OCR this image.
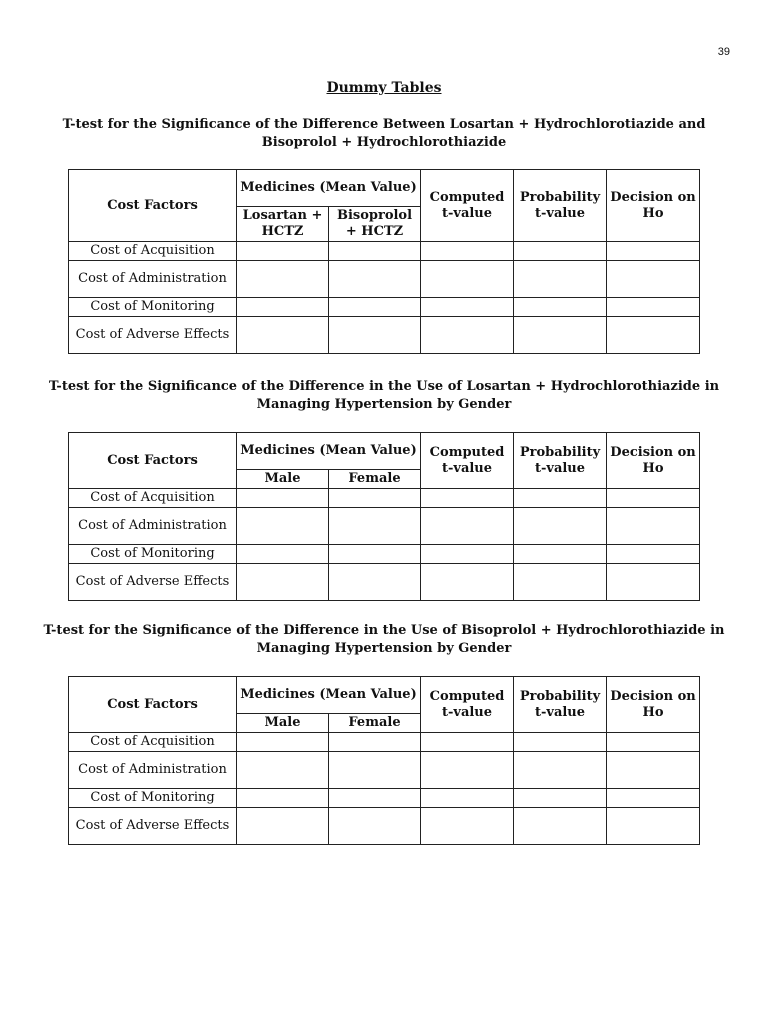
39
Dummy Tables
T-test for the Significance of the Difference Between Losartan + Hydrochlorotiazide and Bisoprolol + Hydrochlorothiazide
Cost Factors	Medicines (Mean Value)		Computed t-value	Probability t-value	Decision on Ho
	Losartan + HCTZ	Bisoprolol + HCTZ			
Cost of Acquisition					
Cost of Administration					
Cost of Monitoring					
Cost of Adverse Effects					
T-test for the Significance of the Difference in the Use of Losartan + Hydrochlorothiazide in Managing Hypertension by Gender
Cost Factors	Medicines (Mean Value)		Computed t-value	Probability t-value	Decision on Ho
	Male	Female			
Cost of Acquisition					
Cost of Administration					
Cost of Monitoring					
Cost of Adverse Effects					
T-test for the Significance of the Difference in the Use of Bisoprolol + Hydrochlorothiazide in Managing Hypertension by Gender
Cost Factors	Medicines (Mean Value)		Computed t-value	Probability t-value	Decision on Ho
	Male	Female			
Cost of Acquisition					
Cost of Administration					
Cost of Monitoring					
Cost of Adverse Effects					
